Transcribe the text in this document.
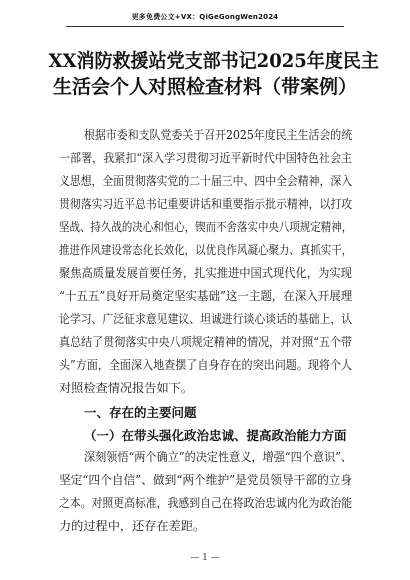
更多免费公文+VX：QiGeGongWen2024
XX消防救援站党支部书记2025年度民主
生活会个人对照检查材料（带案例）
根据市委和支队党委关于召开2025年度民主生活会的统
一部署，我紧扣“深入学习贯彻习近平新时代中国特色社会主
义思想，全面贯彻落实党的二十届三中、四中全会精神，深入
贯彻落实习近平总书记重要讲话和重要指示批示精神，以打攻
坚战、持久战的决心和恒心，锲而不舍落实中央八项规定精神，
推进作风建设常态化长效化，以优良作风凝心聚力、真抓实干，
聚焦高质量发展首要任务，扎实推进中国式现代化，为实现
“十五五”良好开局奠定坚实基础”这一主题，在深入开展理
论学习、广泛征求意见建议、坦诚进行谈心谈话的基础上，认
真总结了贯彻落实中央八项规定精神的情况，并对照“五个带
头”方面，全面深入地查摆了自身存在的突出问题。现将个人
对照检查情况报告如下。
一、存在的主要问题
（一）在带头强化政治忠诚、提高政治能力方面
深刻领悟“两个确立”的决定性意义，增强“四个意识”、
坚定“四个自信”、做到“两个维护”是党员领导干部的立身
之本。对照更高标准，我感到自己在将政治忠诚内化为政治能
力的过程中，还存在差距。
— 1 —
